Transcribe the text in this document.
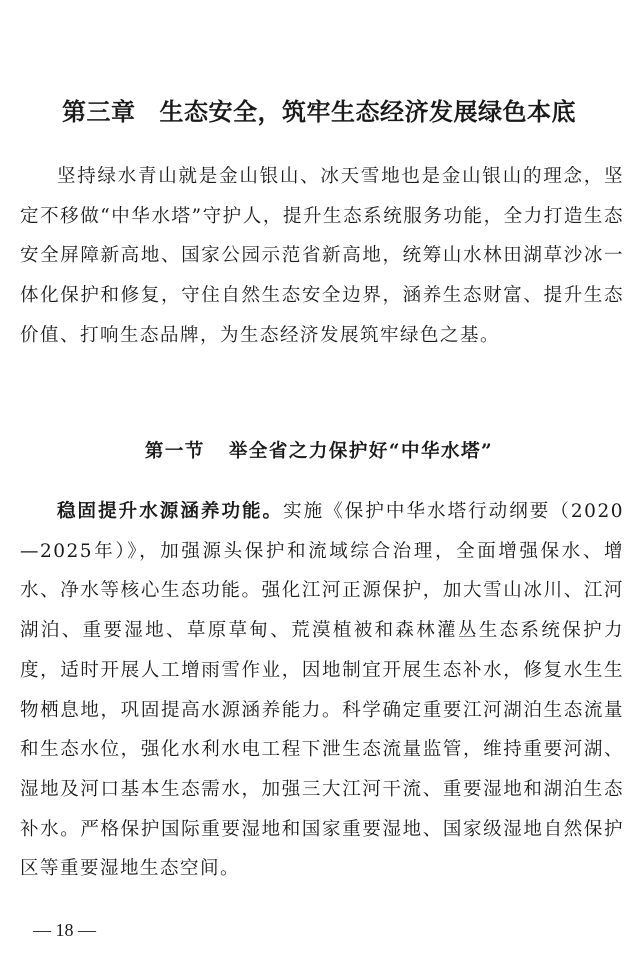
第三章 生态安全，筑牢生态经济发展绿色本底

坚持绿水青山就是金山银山、冰天雪地也是金山银山的理念，坚定不移做“中华水塔”守护人，提升生态系统服务功能，全力打造生态安全屏障新高地、国家公园示范省新高地，统筹山水林田湖草沙冰一体化保护和修复，守住自然生态安全边界，涵养生态财富、提升生态价值、打响生态品牌，为生态经济发展筑牢绿色之基。

第一节 举全省之力保护好“中华水塔”

稳固提升水源涵养功能。实施《保护中华水塔行动纲要（2020—2025年）》，加强源头保护和流域综合治理，全面增强保水、增水、净水等核心生态功能。强化江河正源保护，加大雪山冰川、江河湖泊、重要湿地、草原草甸、荒漠植被和森林灌丛生态系统保护力度，适时开展人工增雨雪作业，因地制宜开展生态补水，修复水生生物栖息地，巩固提高水源涵养能力。科学确定重要江河湖泊生态流量和生态水位，强化水利水电工程下泄生态流量监管，维持重要河湖、湿地及河口基本生态需水，加强三大江河干流、重要湿地和湖泊生态补水。严格保护国际重要湿地和国家重要湿地、国家级湿地自然保护区等重要湿地生态空间。

— 18 —
